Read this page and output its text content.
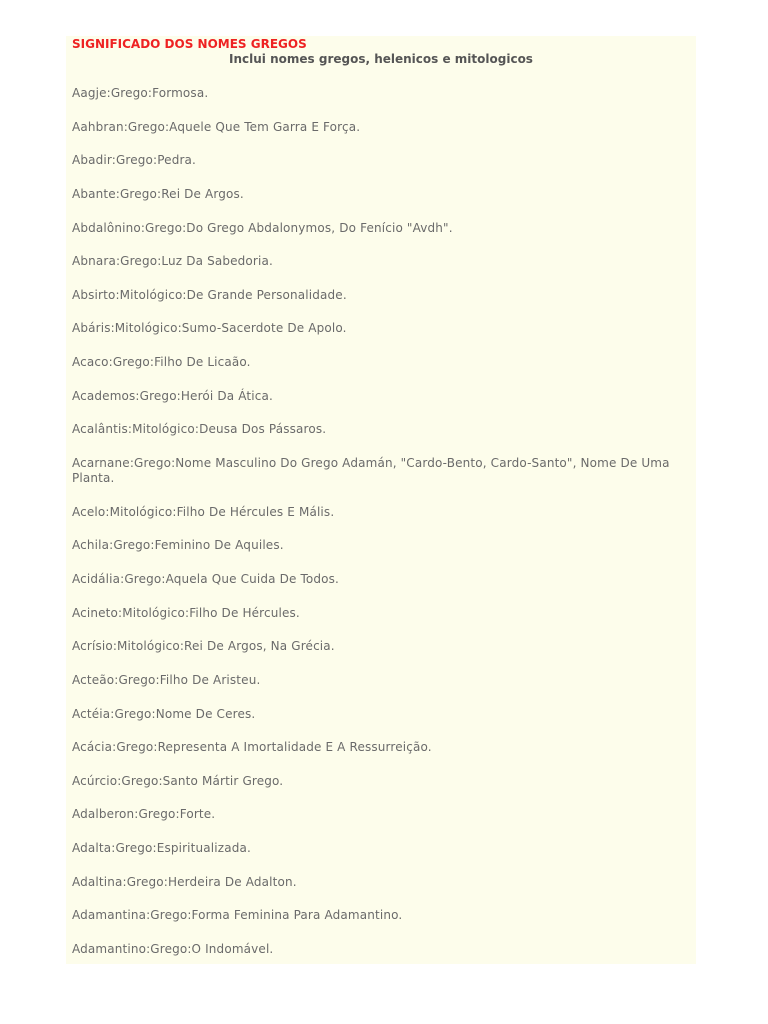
SIGNIFICADO DOS NOMES GREGOS
Inclui nomes gregos, helenicos e mitologicos
Aagje:Grego:Formosa.
Aahbran:Grego:Aquele Que Tem Garra E Força.
Abadir:Grego:Pedra.
Abante:Grego:Rei De Argos.
Abdalônino:Grego:Do Grego Abdalonymos, Do Fenício "Avdh".
Abnara:Grego:Luz Da Sabedoria.
Absirto:Mitológico:De Grande Personalidade.
Abáris:Mitológico:Sumo-Sacerdote De Apolo.
Acaco:Grego:Filho De Licaão.
Academos:Grego:Herói Da Ática.
Acalântis:Mitológico:Deusa Dos Pássaros.
Acarnane:Grego:Nome Masculino Do Grego Adamán, "Cardo-Bento, Cardo-Santo", Nome De Uma Planta.
Acelo:Mitológico:Filho De Hércules E Mális.
Achila:Grego:Feminino De Aquiles.
Acidália:Grego:Aquela Que Cuida De Todos.
Acineto:Mitológico:Filho De Hércules.
Acrísio:Mitológico:Rei De Argos, Na Grécia.
Acteão:Grego:Filho De Aristeu.
Actéia:Grego:Nome De Ceres.
Acácia:Grego:Representa A Imortalidade E A Ressurreição.
Acúrcio:Grego:Santo Mártir Grego.
Adalberon:Grego:Forte.
Adalta:Grego:Espiritualizada.
Adaltina:Grego:Herdeira De Adalton.
Adamantina:Grego:Forma Feminina Para Adamantino.
Adamantino:Grego:O Indomável.
